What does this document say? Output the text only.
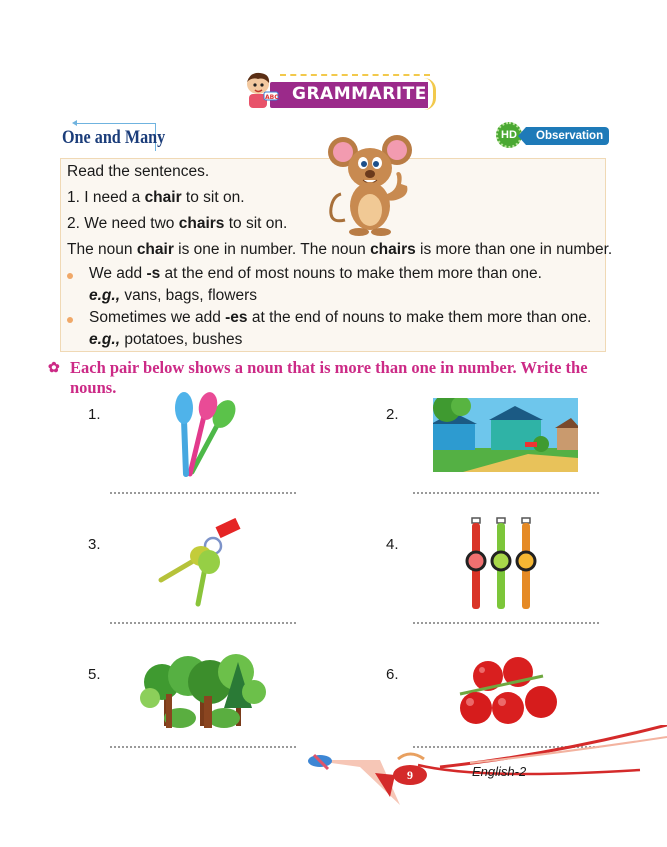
ABC GRAMMARITE
One and Many	HD	Observation
Read the sentences.
1. I need a chair to sit on.
2. We need two chairs to sit on.
The noun chair is one in number. The noun chairs is more than one in number.
We add -s at the end of most nouns to make them more than one.
e.g., vans, bags, flowers
Sometimes we add -es at the end of nouns to make them more than one.
e.g., potatoes, bushes
✿ Each pair below shows a noun that is more than one in number. Write the nouns.
1.	2.
3.	4.
5.	6.
9	English-2
